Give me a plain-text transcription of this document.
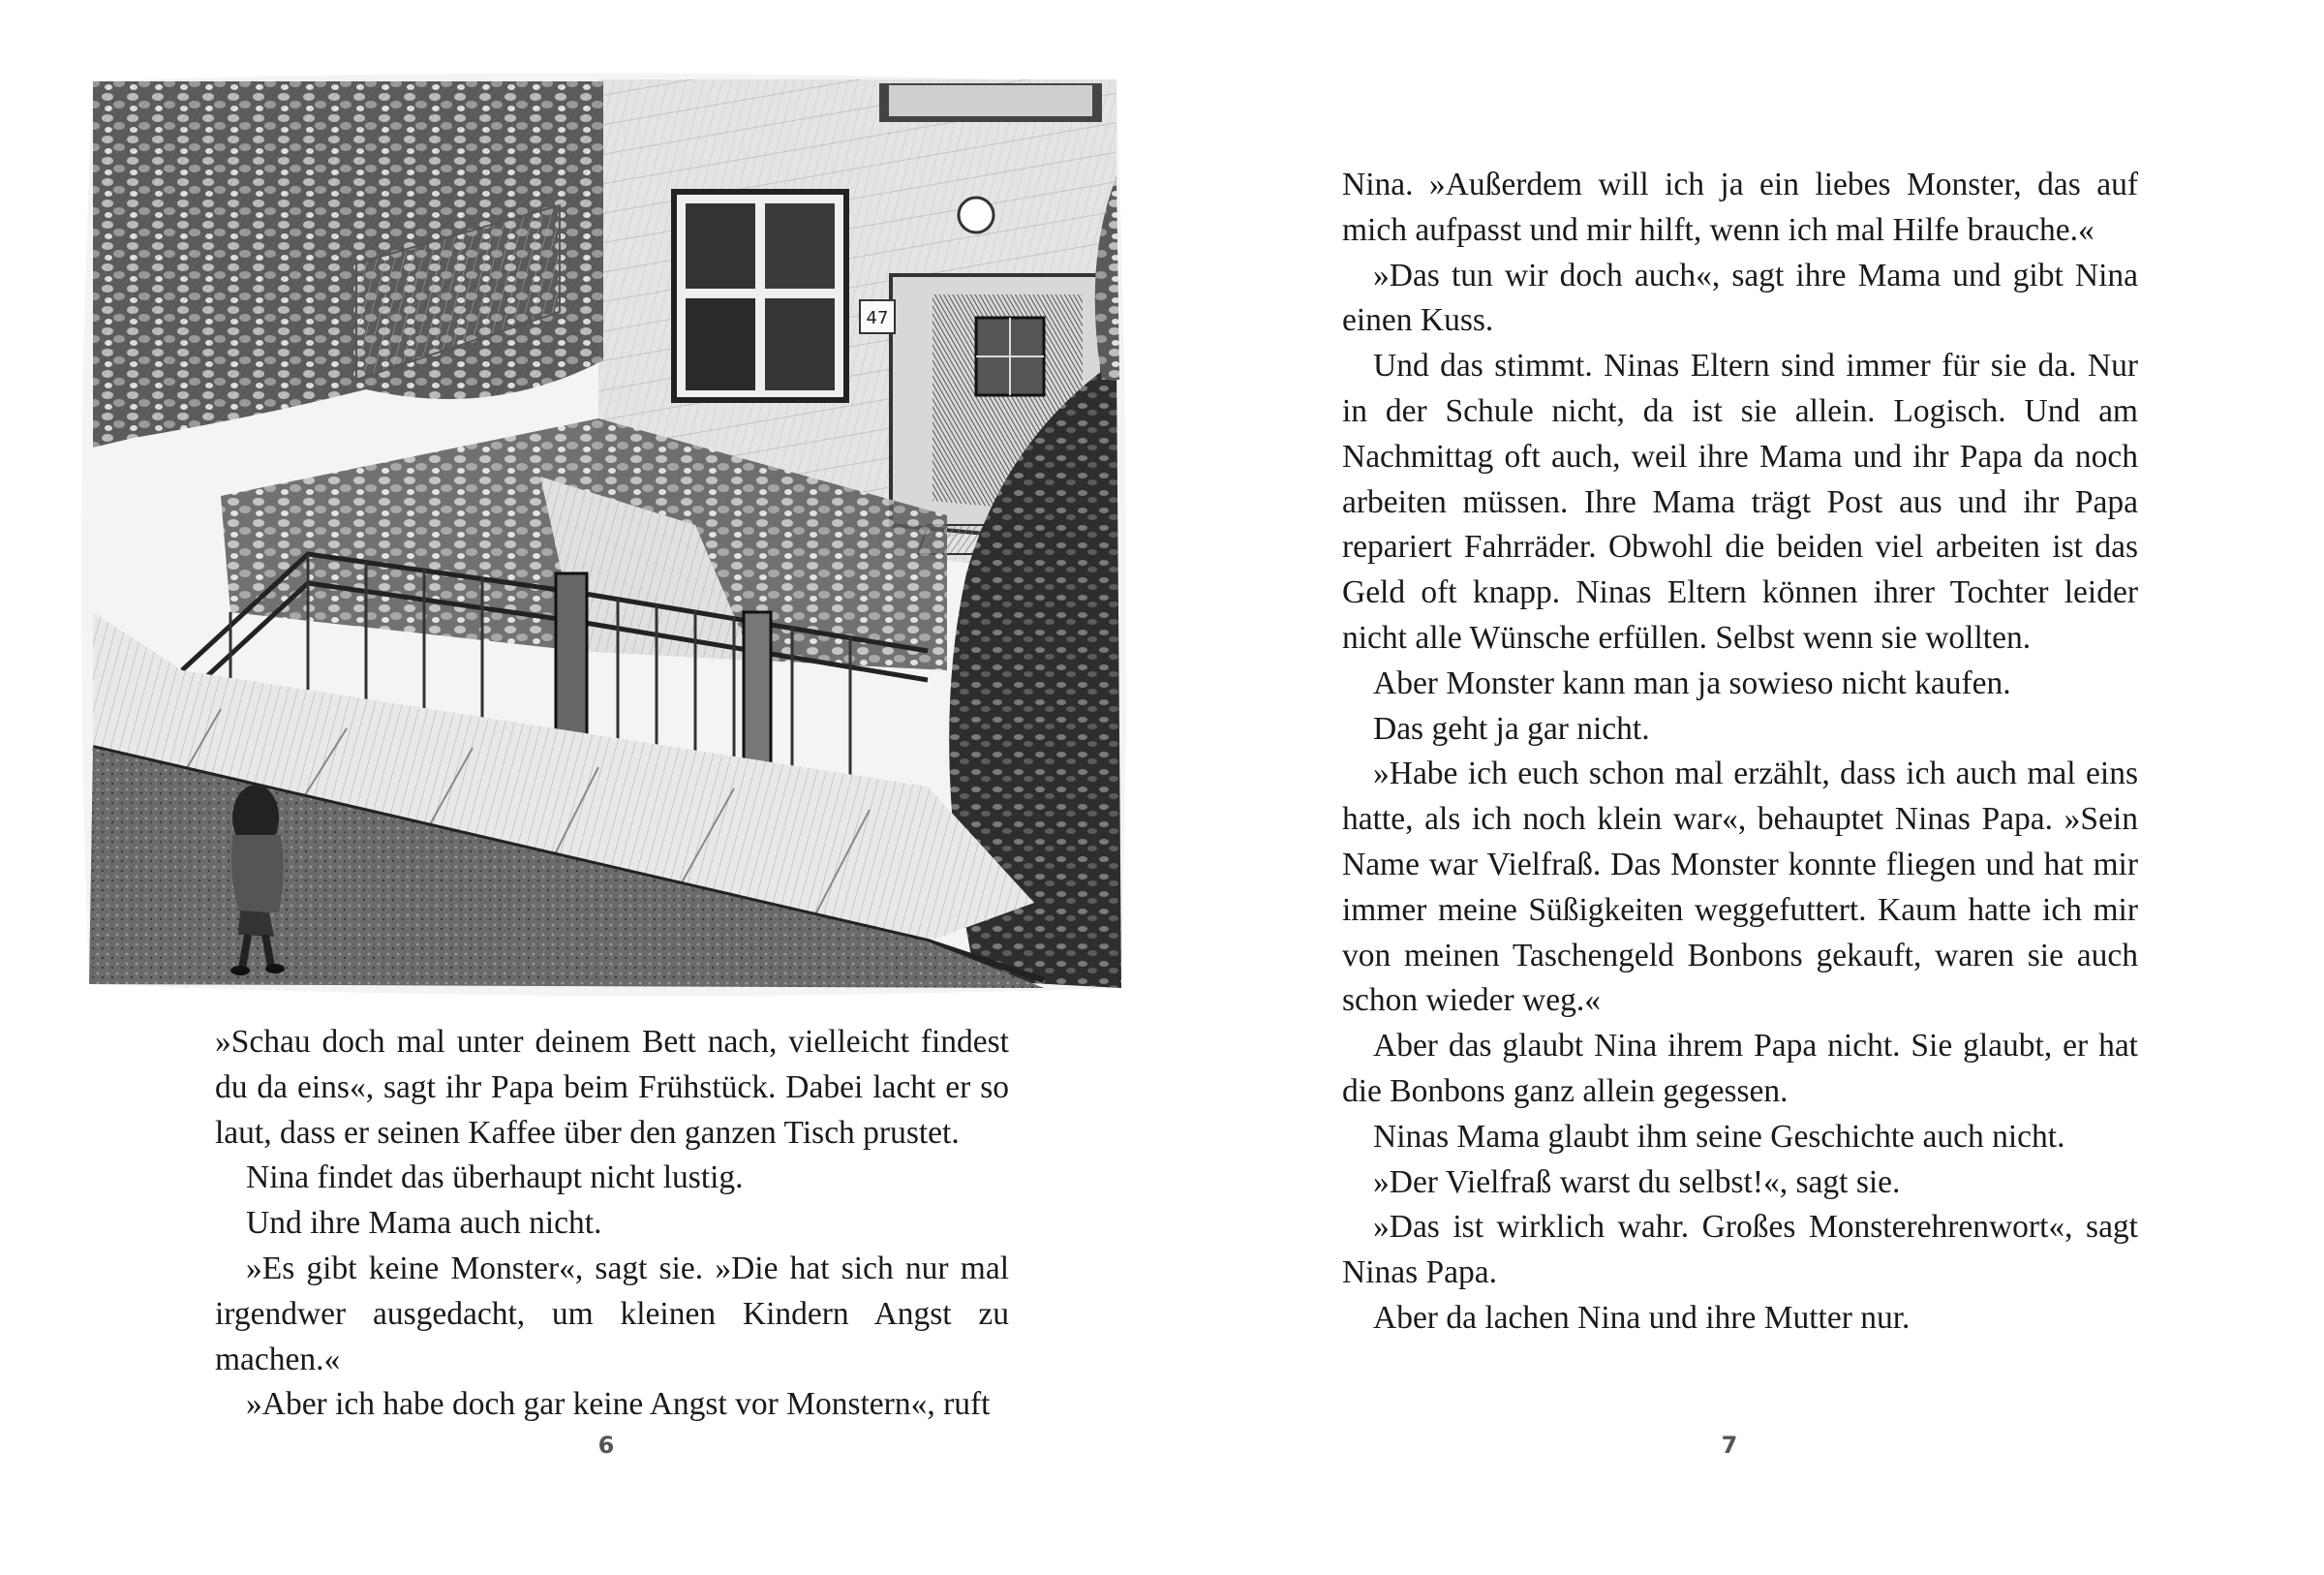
47

»Schau doch mal unter deinem Bett nach, vielleicht findest du da eins«, sagt ihr Papa beim Frühstück. Dabei lacht er so laut, dass er seinen Kaffee über den ganzen Tisch prustet.

Nina findet das überhaupt nicht lustig.

Und ihre Mama auch nicht.

»Es gibt keine Monster«, sagt sie. »Die hat sich nur mal irgendwer ausgedacht, um kleinen Kindern Angst zu machen.«

»Aber ich habe doch gar keine Angst vor Monstern«, ruft

6

Nina. »Außerdem will ich ja ein liebes Monster, das auf mich aufpasst und mir hilft, wenn ich mal Hilfe brauche.«

»Das tun wir doch auch«, sagt ihre Mama und gibt Nina einen Kuss.

Und das stimmt. Ninas Eltern sind immer für sie da. Nur in der Schule nicht, da ist sie allein. Logisch. Und am Nachmittag oft auch, weil ihre Mama und ihr Papa da noch arbeiten müssen. Ihre Mama trägt Post aus und ihr Papa repariert Fahrräder. Obwohl die beiden viel arbeiten ist das Geld oft knapp. Ninas Eltern können ihrer Tochter leider nicht alle Wünsche erfüllen. Selbst wenn sie wollten.

Aber Monster kann man ja sowieso nicht kaufen.

Das geht ja gar nicht.

»Habe ich euch schon mal erzählt, dass ich auch mal eins hatte, als ich noch klein war«, behauptet Ninas Papa. »Sein Name war Vielfraß. Das Monster konnte fliegen und hat mir immer meine Süßigkeiten weggefuttert. Kaum hatte ich mir von meinen Taschengeld Bonbons gekauft, waren sie auch schon wieder weg.«

Aber das glaubt Nina ihrem Papa nicht. Sie glaubt, er hat die Bonbons ganz allein gegessen.

Ninas Mama glaubt ihm seine Geschichte auch nicht.

»Der Vielfraß warst du selbst!«, sagt sie.

»Das ist wirklich wahr. Großes Monsterehrenwort«, sagt Ninas Papa.

Aber da lachen Nina und ihre Mutter nur.

7
